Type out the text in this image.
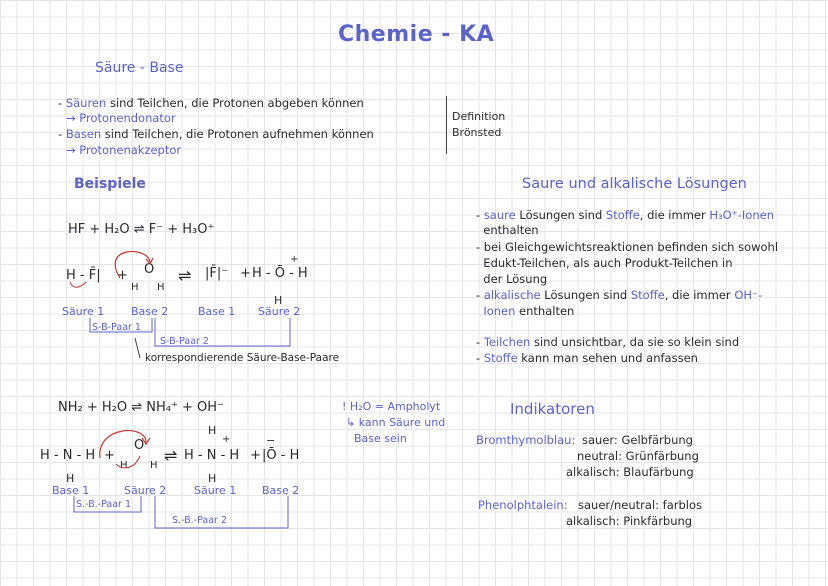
Chemie - KA
Säure - Base
- Säuren sind Teilchen, die Protonen abgeben können
→ Protonendonator
- Basen sind Teilchen, die Protonen aufnehmen können
→ Protonenakzeptor
Definition
Brönsted
Beispiele
HF + H₂O ⇌ F⁻ + H₃O⁺
H - F̄| + O
H H
⇌ |F̄|⁻ + H - Ō - H
+
H
Säure 1 Base 2	Base 1 Säure 2
S-B-Paar 1
S-B-Paar 2
korrespondierende Säure-Base-Paare
NH₂ + H₂O ⇌ NH₄⁺ + OH⁻	! H₂O = Ampholyt
↳ kann Säure und
Base sein
H - N - H
H
+
O
H H
⇌
H
+
H - N - H
H
+
−
|Ō - H
Base 1	Säure 2	Säure 1 Base 2
S.-B.-Paar 1
S.-B.-Paar 2
Saure und alkalische Lösungen
- saure Lösungen sind Stoffe, die immer H₃O⁺-Ionen
enthalten
- bei Gleichgewichtsreaktionen befinden sich sowohl
Edukt-Teilchen, als auch Produkt-Teilchen in
der Lösung
- alkalische Lösungen sind Stoffe, die immer OH⁻-
Ionen enthalten
- Teilchen sind unsichtbar, da sie so klein sind
- Stoffe kann man sehen und anfassen
Indikatoren
Bromthymolblau: sauer: Gelbfärbung
neutral: Grünfärbung
alkalisch: Blaufärbung
Phenolphtalein: sauer/neutral: farblos
alkalisch: Pinkfärbung
